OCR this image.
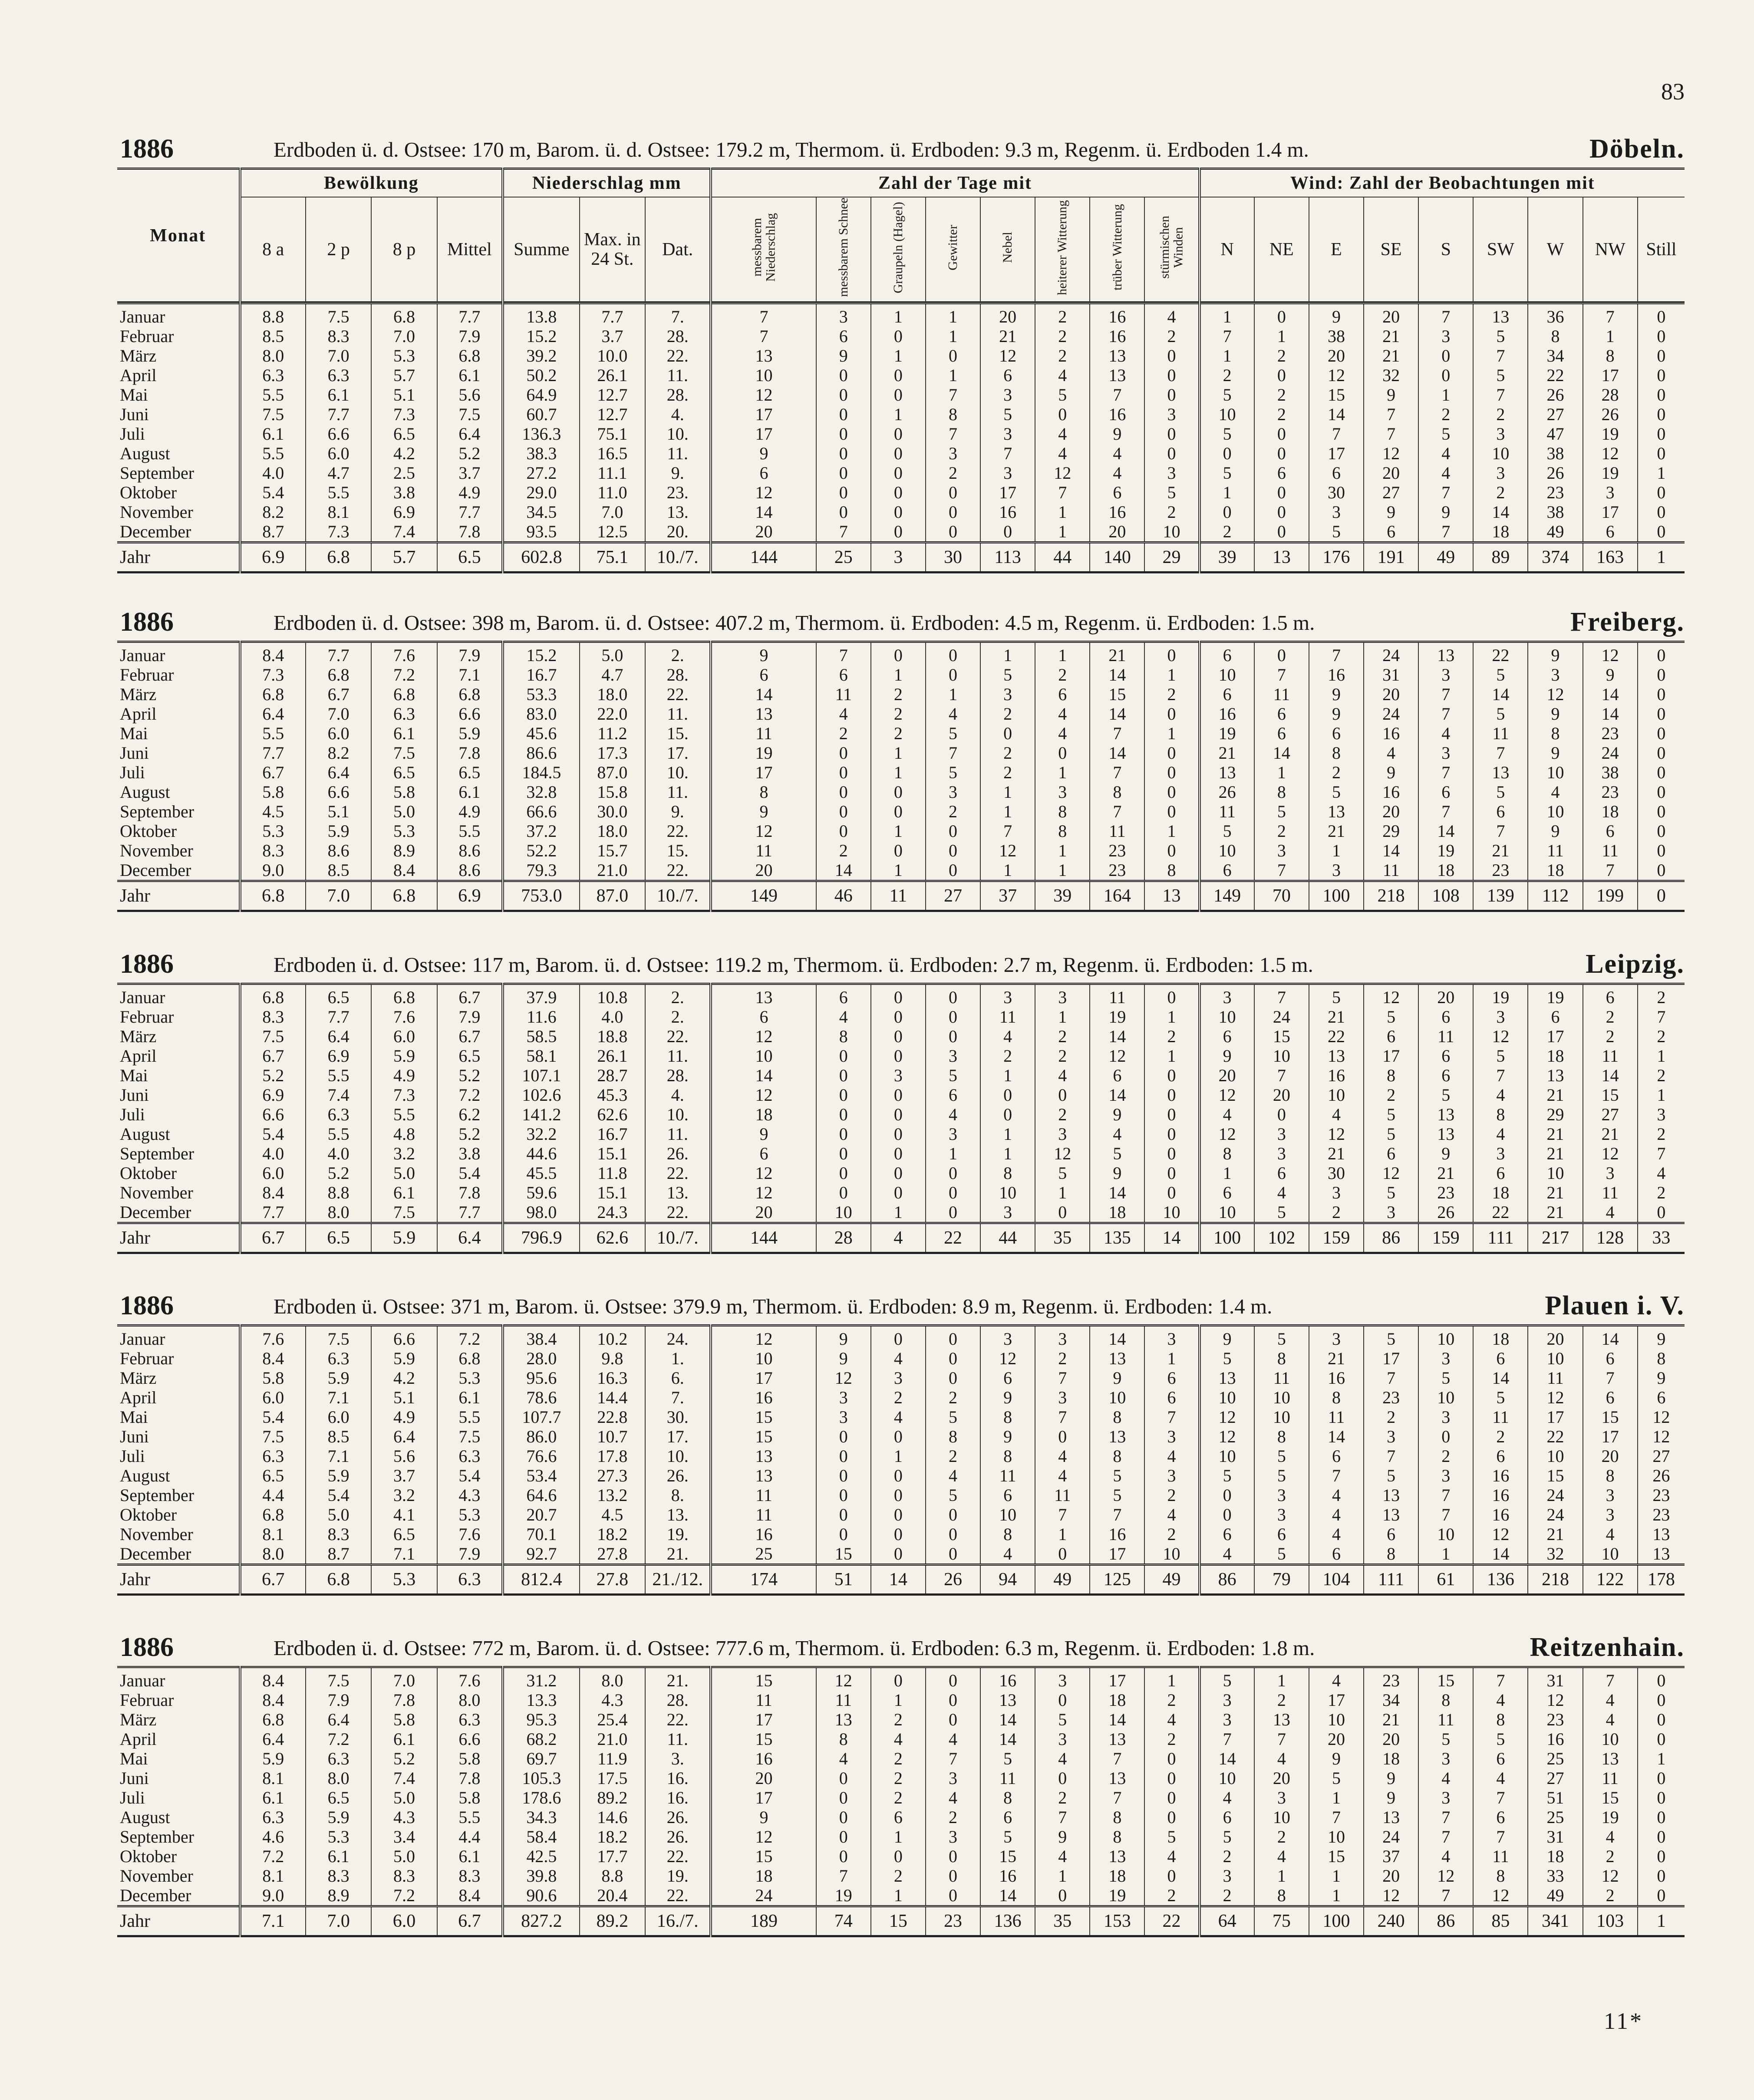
83
11*
1886	Erdboden ü. d. Ostsee: 170 m, Barom. ü. d. Ostsee: 179.2 m, Thermom. ü. Erdboden: 9.3 m, Regenm. ü. Erdboden 1.4 m.	Döbeln.
Monat	Bewölkung				Niederschlag mm			Zahl der Tage mit								Wind: Zahl der Beobachtungen mit								
								messbarem Niederschlag	messbarem Schnee	Graupeln (Hagel)	Gewitter	Nebel	heiterer Witterung	trüber Witterung	stürmischen Winden									
	8 a	2 p	8 p	Mittel	Summe	Max. in 24 St.	Dat.									N	NE	E	SE	S	SW	W	NW	Still
Januar	8.8	7.5	6.8	7.7	13.8	7.7	7.	7	3	1	1	20	2	16	4	1	0	9	20	7	13	36	7	0
Februar	8.5	8.3	7.0	7.9	15.2	3.7	28.	7	6	0	1	21	2	16	2	7	1	38	21	3	5	8	1	0
März	8.0	7.0	5.3	6.8	39.2	10.0	22.	13	9	1	0	12	2	13	0	1	2	20	21	0	7	34	8	0
April	6.3	6.3	5.7	6.1	50.2	26.1	11.	10	0	0	1	6	4	13	0	2	0	12	32	0	5	22	17	0
Mai	5.5	6.1	5.1	5.6	64.9	12.7	28.	12	0	0	7	3	5	7	0	5	2	15	9	1	7	26	28	0
Juni	7.5	7.7	7.3	7.5	60.7	12.7	4.	17	0	1	8	5	0	16	3	10	2	14	7	2	2	27	26	0
Juli	6.1	6.6	6.5	6.4	136.3	75.1	10.	17	0	0	7	3	4	9	0	5	0	7	7	5	3	47	19	0
August	5.5	6.0	4.2	5.2	38.3	16.5	11.	9	0	0	3	7	4	4	0	0	0	17	12	4	10	38	12	0
September	4.0	4.7	2.5	3.7	27.2	11.1	9.	6	0	0	2	3	12	4	3	5	6	6	20	4	3	26	19	1
Oktober	5.4	5.5	3.8	4.9	29.0	11.0	23.	12	0	0	0	17	7	6	5	1	0	30	27	7	2	23	3	0
November	8.2	8.1	6.9	7.7	34.5	7.0	13.	14	0	0	0	16	1	16	2	0	0	3	9	9	14	38	17	0
December	8.7	7.3	7.4	7.8	93.5	12.5	20.	20	7	0	0	0	1	20	10	2	0	5	6	7	18	49	6	0
Jahr	6.9	6.8	5.7	6.5	602.8	75.1	10./7.	144	25	3	30	113	44	140	29	39	13	176	191	49	89	374	163	1
1886	Erdboden ü. d. Ostsee: 398 m, Barom. ü. d. Ostsee: 407.2 m, Thermom. ü. Erdboden: 4.5 m, Regenm. ü. Erdboden: 1.5 m.	Freiberg.
Januar	8.4	7.7	7.6	7.9	15.2	5.0	2.	9	7	0	0	1	1	21	0	6	0	7	24	13	22	9	12	0
Februar	7.3	6.8	7.2	7.1	16.7	4.7	28.	6	6	1	0	5	2	14	1	10	7	16	31	3	5	3	9	0
März	6.8	6.7	6.8	6.8	53.3	18.0	22.	14	11	2	1	3	6	15	2	6	11	9	20	7	14	12	14	0
April	6.4	7.0	6.3	6.6	83.0	22.0	11.	13	4	2	4	2	4	14	0	16	6	9	24	7	5	9	14	0
Mai	5.5	6.0	6.1	5.9	45.6	11.2	15.	11	2	2	5	0	4	7	1	19	6	6	16	4	11	8	23	0
Juni	7.7	8.2	7.5	7.8	86.6	17.3	17.	19	0	1	7	2	0	14	0	21	14	8	4	3	7	9	24	0
Juli	6.7	6.4	6.5	6.5	184.5	87.0	10.	17	0	1	5	2	1	7	0	13	1	2	9	7	13	10	38	0
August	5.8	6.6	5.8	6.1	32.8	15.8	11.	8	0	0	3	1	3	8	0	26	8	5	16	6	5	4	23	0
September	4.5	5.1	5.0	4.9	66.6	30.0	9.	9	0	0	2	1	8	7	0	11	5	13	20	7	6	10	18	0
Oktober	5.3	5.9	5.3	5.5	37.2	18.0	22.	12	0	1	0	7	8	11	1	5	2	21	29	14	7	9	6	0
November	8.3	8.6	8.9	8.6	52.2	15.7	15.	11	2	0	0	12	1	23	0	10	3	1	14	19	21	11	11	0
December	9.0	8.5	8.4	8.6	79.3	21.0	22.	20	14	1	0	1	1	23	8	6	7	3	11	18	23	18	7	0
Jahr	6.8	7.0	6.8	6.9	753.0	87.0	10./7.	149	46	11	27	37	39	164	13	149	70	100	218	108	139	112	199	0
1886	Erdboden ü. d. Ostsee: 117 m, Barom. ü. d. Ostsee: 119.2 m, Thermom. ü. Erdboden: 2.7 m, Regenm. ü. Erdboden: 1.5 m.	Leipzig.
Januar	6.8	6.5	6.8	6.7	37.9	10.8	2.	13	6	0	0	3	3	11	0	3	7	5	12	20	19	19	6	2
Februar	8.3	7.7	7.6	7.9	11.6	4.0	2.	6	4	0	0	11	1	19	1	10	24	21	5	6	3	6	2	7
März	7.5	6.4	6.0	6.7	58.5	18.8	22.	12	8	0	0	4	2	14	2	6	15	22	6	11	12	17	2	2
April	6.7	6.9	5.9	6.5	58.1	26.1	11.	10	0	0	3	2	2	12	1	9	10	13	17	6	5	18	11	1
Mai	5.2	5.5	4.9	5.2	107.1	28.7	28.	14	0	3	5	1	4	6	0	20	7	16	8	6	7	13	14	2
Juni	6.9	7.4	7.3	7.2	102.6	45.3	4.	12	0	0	6	0	0	14	0	12	20	10	2	5	4	21	15	1
Juli	6.6	6.3	5.5	6.2	141.2	62.6	10.	18	0	0	4	0	2	9	0	4	0	4	5	13	8	29	27	3
August	5.4	5.5	4.8	5.2	32.2	16.7	11.	9	0	0	3	1	3	4	0	12	3	12	5	13	4	21	21	2
September	4.0	4.0	3.2	3.8	44.6	15.1	26.	6	0	0	1	1	12	5	0	8	3	21	6	9	3	21	12	7
Oktober	6.0	5.2	5.0	5.4	45.5	11.8	22.	12	0	0	0	8	5	9	0	1	6	30	12	21	6	10	3	4
November	8.4	8.8	6.1	7.8	59.6	15.1	13.	12	0	0	0	10	1	14	0	6	4	3	5	23	18	21	11	2
December	7.7	8.0	7.5	7.7	98.0	24.3	22.	20	10	1	0	3	0	18	10	10	5	2	3	26	22	21	4	0
Jahr	6.7	6.5	5.9	6.4	796.9	62.6	10./7.	144	28	4	22	44	35	135	14	100	102	159	86	159	111	217	128	33
1886	Erdboden ü. Ostsee: 371 m, Barom. ü. Ostsee: 379.9 m, Thermom. ü. Erdboden: 8.9 m, Regenm. ü. Erdboden: 1.4 m.	Plauen i. V.
Januar	7.6	7.5	6.6	7.2	38.4	10.2	24.	12	9	0	0	3	3	14	3	9	5	3	5	10	18	20	14	9
Februar	8.4	6.3	5.9	6.8	28.0	9.8	1.	10	9	4	0	12	2	13	1	5	8	21	17	3	6	10	6	8
März	5.8	5.9	4.2	5.3	95.6	16.3	6.	17	12	3	0	6	7	9	6	13	11	16	7	5	14	11	7	9
April	6.0	7.1	5.1	6.1	78.6	14.4	7.	16	3	2	2	9	3	10	6	10	10	8	23	10	5	12	6	6
Mai	5.4	6.0	4.9	5.5	107.7	22.8	30.	15	3	4	5	8	7	8	7	12	10	11	2	3	11	17	15	12
Juni	7.5	8.5	6.4	7.5	86.0	10.7	17.	15	0	0	8	9	0	13	3	12	8	14	3	0	2	22	17	12
Juli	6.3	7.1	5.6	6.3	76.6	17.8	10.	13	0	1	2	8	4	8	4	10	5	6	7	2	6	10	20	27
August	6.5	5.9	3.7	5.4	53.4	27.3	26.	13	0	0	4	11	4	5	3	5	5	7	5	3	16	15	8	26
September	4.4	5.4	3.2	4.3	64.6	13.2	8.	11	0	0	5	6	11	5	2	0	3	4	13	7	16	24	3	23
Oktober	6.8	5.0	4.1	5.3	20.7	4.5	13.	11	0	0	0	10	7	7	4	0	3	4	13	7	16	24	3	23
November	8.1	8.3	6.5	7.6	70.1	18.2	19.	16	0	0	0	8	1	16	2	6	6	4	6	10	12	21	4	13
December	8.0	8.7	7.1	7.9	92.7	27.8	21.	25	15	0	0	4	0	17	10	4	5	6	8	1	14	32	10	13
Jahr	6.7	6.8	5.3	6.3	812.4	27.8	21./12.	174	51	14	26	94	49	125	49	86	79	104	111	61	136	218	122	178
1886	Erdboden ü. d. Ostsee: 772 m, Barom. ü. d. Ostsee: 777.6 m, Thermom. ü. Erdboden: 6.3 m, Regenm. ü. Erdboden: 1.8 m.	Reitzenhain.
Januar	8.4	7.5	7.0	7.6	31.2	8.0	21.	15	12	0	0	16	3	17	1	5	1	4	23	15	7	31	7	0
Februar	8.4	7.9	7.8	8.0	13.3	4.3	28.	11	11	1	0	13	0	18	2	3	2	17	34	8	4	12	4	0
März	6.8	6.4	5.8	6.3	95.3	25.4	22.	17	13	2	0	14	5	14	4	3	13	10	21	11	8	23	4	0
April	6.4	7.2	6.1	6.6	68.2	21.0	11.	15	8	4	4	14	3	13	2	7	7	20	20	5	5	16	10	0
Mai	5.9	6.3	5.2	5.8	69.7	11.9	3.	16	4	2	7	5	4	7	0	14	4	9	18	3	6	25	13	1
Juni	8.1	8.0	7.4	7.8	105.3	17.5	16.	20	0	2	3	11	0	13	0	10	20	5	9	4	4	27	11	0
Juli	6.1	6.5	5.0	5.8	178.6	89.2	16.	17	0	2	4	8	2	7	0	4	3	1	9	3	7	51	15	0
August	6.3	5.9	4.3	5.5	34.3	14.6	26.	9	0	6	2	6	7	8	0	6	10	7	13	7	6	25	19	0
September	4.6	5.3	3.4	4.4	58.4	18.2	26.	12	0	1	3	5	9	8	5	5	2	10	24	7	7	31	4	0
Oktober	7.2	6.1	5.0	6.1	42.5	17.7	22.	15	0	0	0	15	4	13	4	2	4	15	37	4	11	18	2	0
November	8.1	8.3	8.3	8.3	39.8	8.8	19.	18	7	2	0	16	1	18	0	3	1	1	20	12	8	33	12	0
December	9.0	8.9	7.2	8.4	90.6	20.4	22.	24	19	1	0	14	0	19	2	2	8	1	12	7	12	49	2	0
Jahr	7.1	7.0	6.0	6.7	827.2	89.2	16./7.	189	74	15	23	136	35	153	22	64	75	100	240	86	85	341	103	1
